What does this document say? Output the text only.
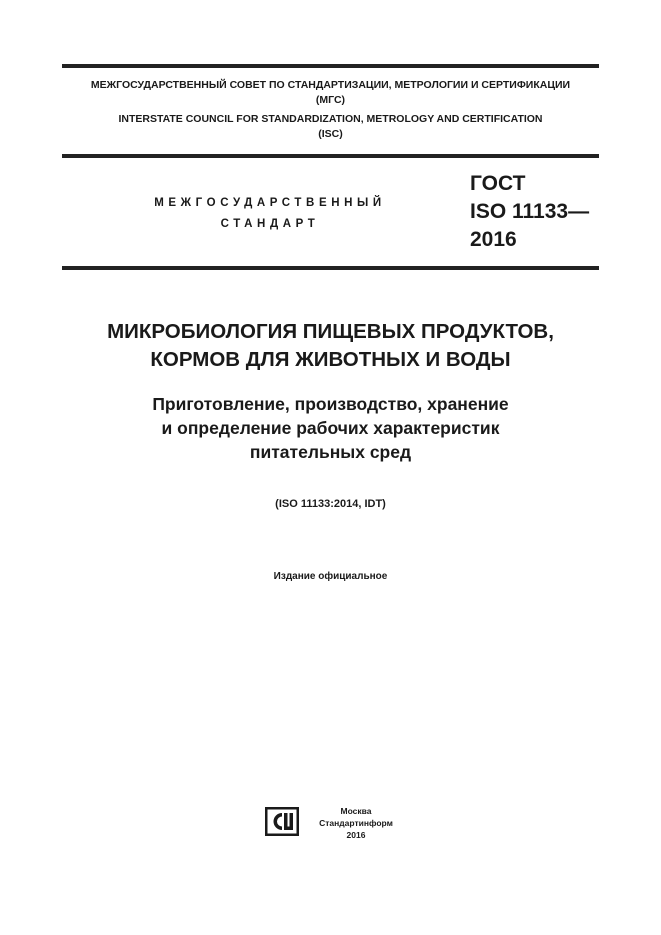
МЕЖГОСУДАРСТВЕННЫЙ СОВЕТ ПО СТАНДАРТИЗАЦИИ, МЕТРОЛОГИИ И СЕРТИФИКАЦИИ
(МГС)
INTERSTATE COUNCIL FOR STANDARDIZATION, METROLOGY AND CERTIFICATION
(ISC)
МЕЖГОСУДАРСТВЕННЫЙ
СТАНДАРТ
ГОСТ
ISO 11133—
2016
МИКРОБИОЛОГИЯ ПИЩЕВЫХ ПРОДУКТОВ,
КОРМОВ ДЛЯ ЖИВОТНЫХ И ВОДЫ
Приготовление, производство, хранение
и определение рабочих характеристик
питательных сред
(ISO 11133:2014, IDT)
Издание официальное
Москва
Стандартинформ
2016
